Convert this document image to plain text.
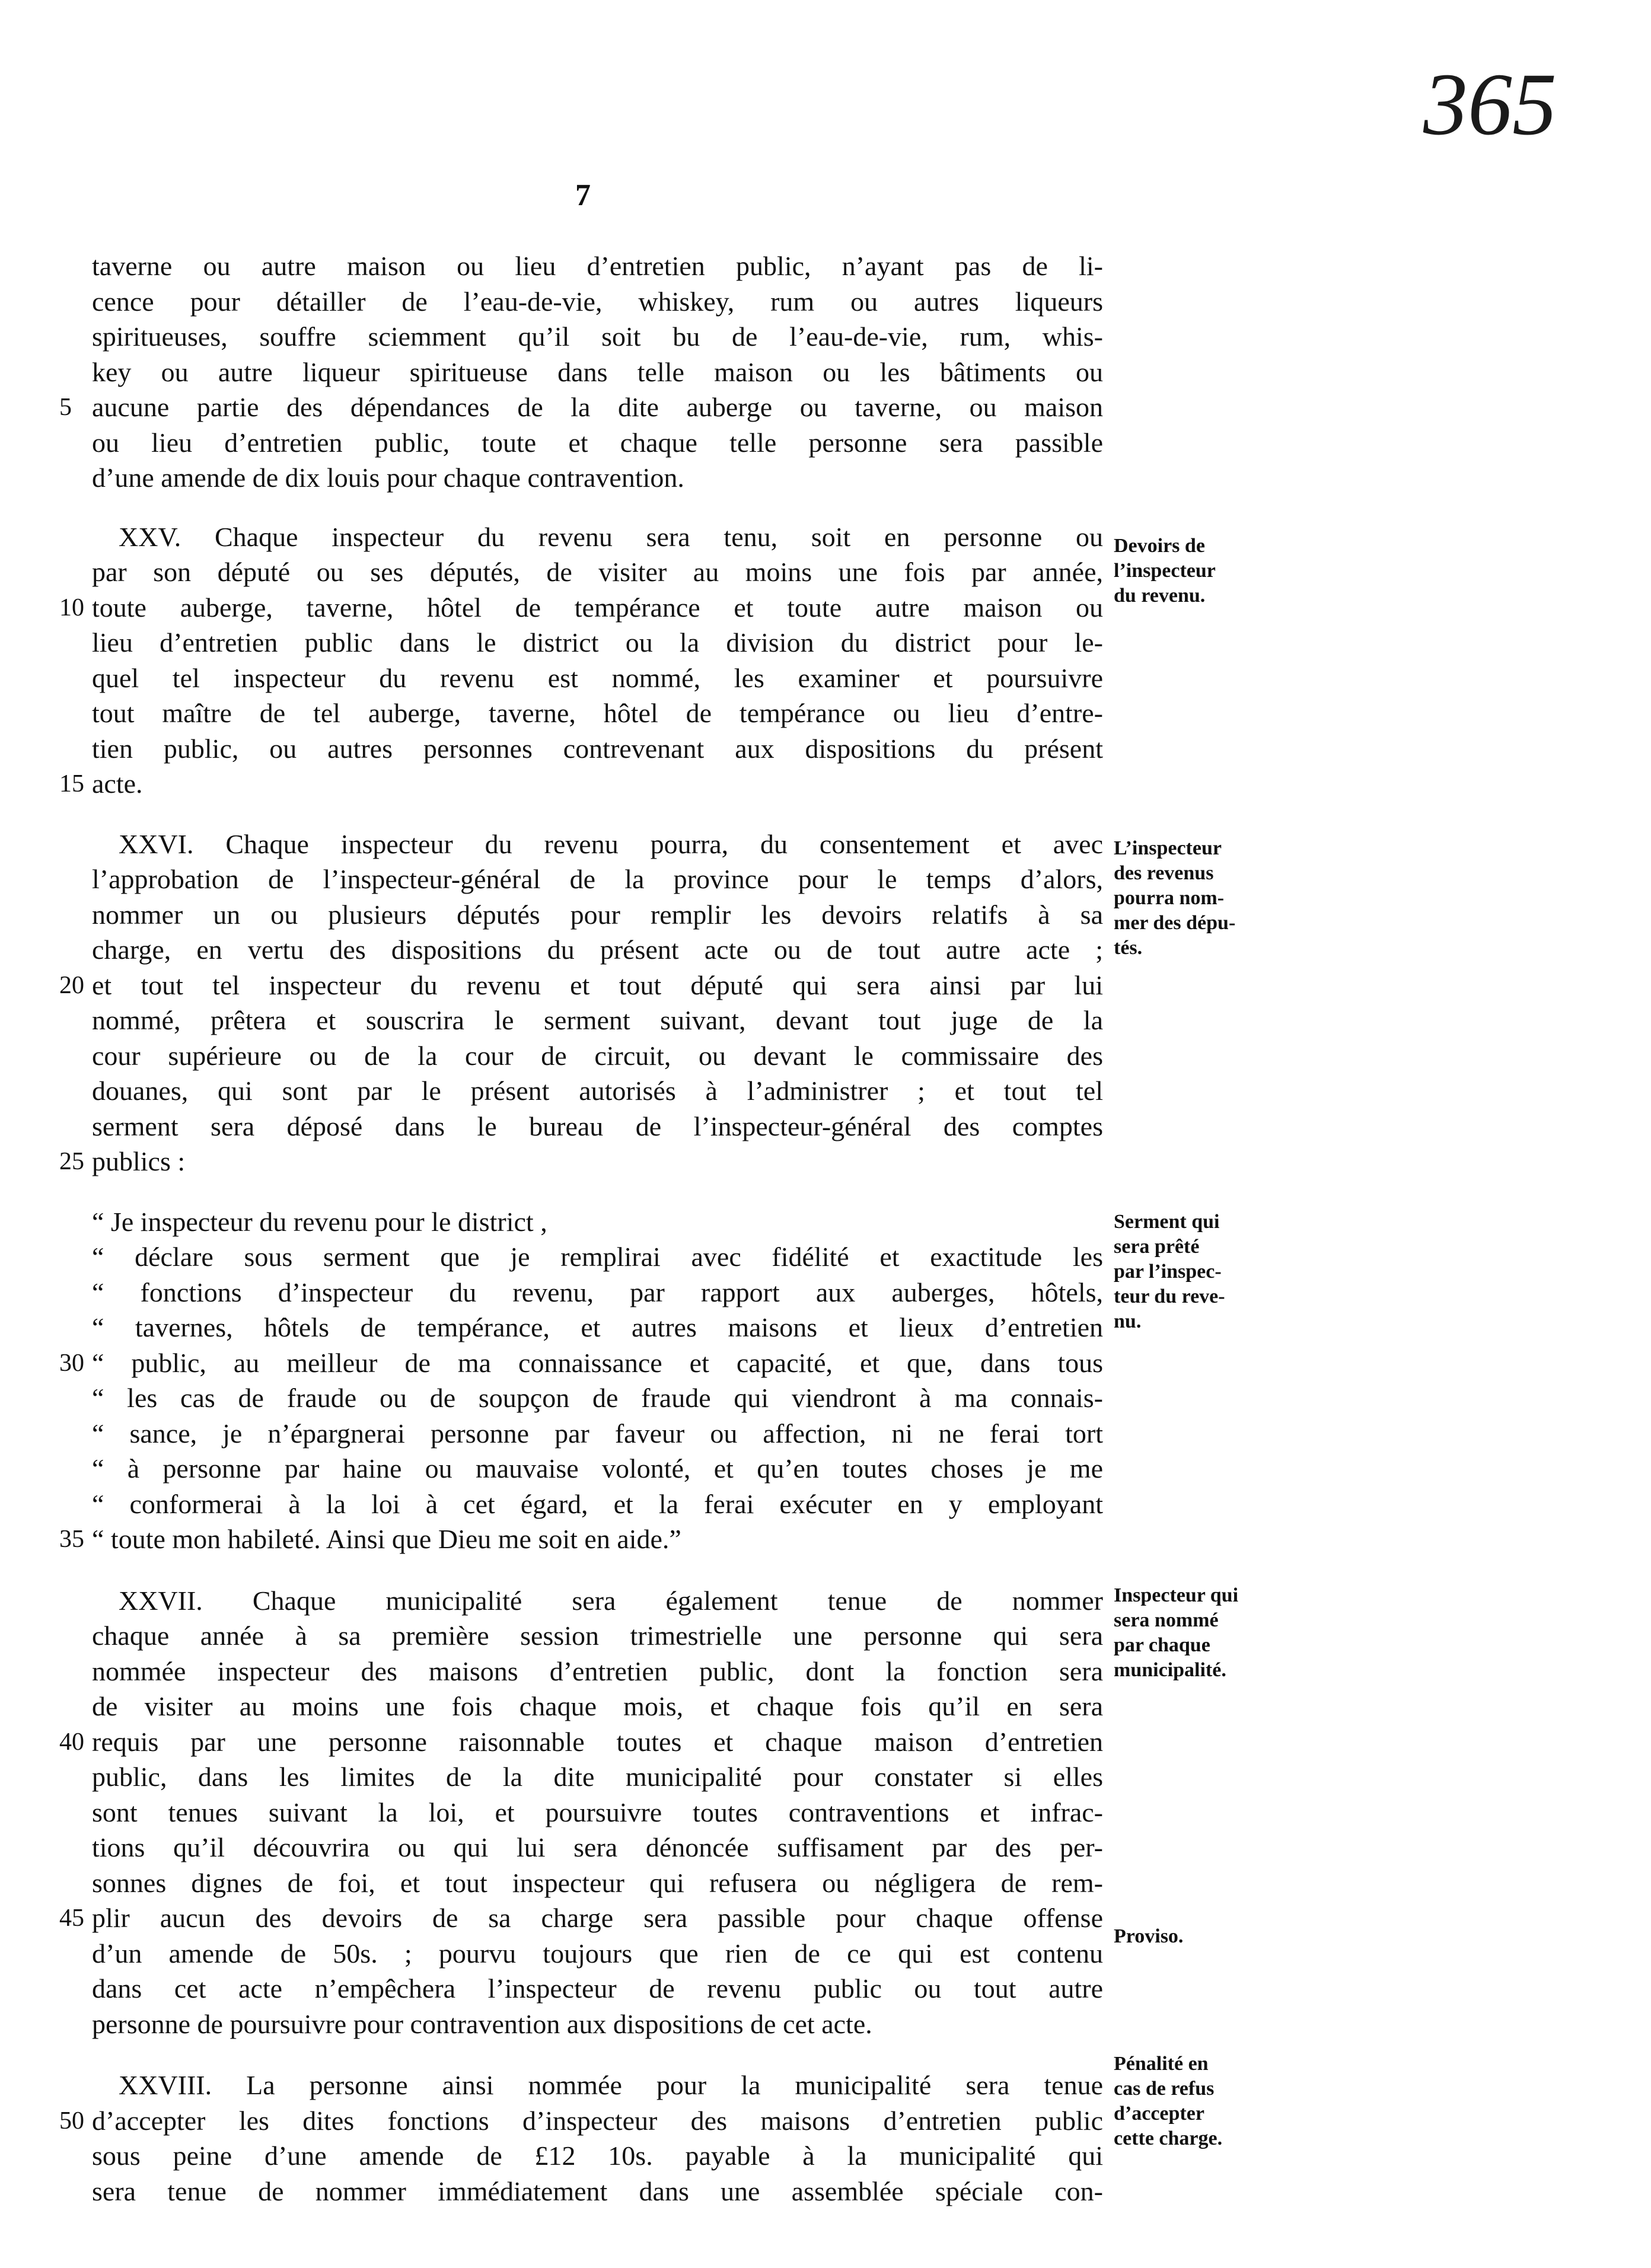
365
7
taverne ou autre maison ou lieu d’entretien public, n’ayant pas de li-
cence pour détailler de l’eau-de-vie, whiskey, rum ou autres liqueurs
spiritueuses, souffre sciemment qu’il soit bu de l’eau-de-vie, rum, whis-
key ou autre liqueur spiritueuse dans telle maison ou les bâtiments ou
aucune partie des dépendances de la dite auberge ou taverne, ou maison
5
ou lieu d’entretien public, toute et chaque telle personne sera passible
d’une amende de dix louis pour chaque contravention.
XXV. Chaque inspecteur du revenu sera tenu, soit en personne ou
par son député ou ses députés, de visiter au moins une fois par année,
toute auberge, taverne, hôtel de tempérance et toute autre maison ou
10
lieu d’entretien public dans le district ou la division du district pour le-
quel tel inspecteur du revenu est nommé, les examiner et poursuivre
tout maître de tel auberge, taverne, hôtel de tempérance ou lieu d’entre-
tien public, ou autres personnes contrevenant aux dispositions du présent
acte.
15
XXVI. Chaque inspecteur du revenu pourra, du consentement et avec
l’approbation de l’inspecteur-général de la province pour le temps d’alors,
nommer un ou plusieurs députés pour remplir les devoirs relatifs à sa
charge, en vertu des dispositions du présent acte ou de tout autre acte ;
et tout tel inspecteur du revenu et tout député qui sera ainsi par lui
20
nommé, prêtera et souscrira le serment suivant, devant tout juge de la
cour supérieure ou de la cour de circuit, ou devant le commissaire des
douanes, qui sont par le présent autorisés à l’administrer ; et tout tel
serment sera déposé dans le bureau de l’inspecteur-général des comptes
publics :
25
“ Je inspecteur du revenu pour le district ,
“ déclare sous serment que je remplirai avec fidélité et exactitude les
“ fonctions d’inspecteur du revenu, par rapport aux auberges, hôtels,
“ tavernes, hôtels de tempérance, et autres maisons et lieux d’entretien
“ public, au meilleur de ma connaissance et capacité, et que, dans tous
30
“ les cas de fraude ou de soupçon de fraude qui viendront à ma connais-
“ sance, je n’épargnerai personne par faveur ou affection, ni ne ferai tort
“ à personne par haine ou mauvaise volonté, et qu’en toutes choses je me
“ conformerai à la loi à cet égard, et la ferai exécuter en y employant
“ toute mon habileté. Ainsi que Dieu me soit en aide.”
35
XXVII. Chaque municipalité sera également tenue de nommer
chaque année à sa première session trimestrielle une personne qui sera
nommée inspecteur des maisons d’entretien public, dont la fonction sera
de visiter au moins une fois chaque mois, et chaque fois qu’il en sera
requis par une personne raisonnable toutes et chaque maison d’entretien
40
public, dans les limites de la dite municipalité pour constater si elles
sont tenues suivant la loi, et poursuivre toutes contraventions et infrac-
tions qu’il découvrira ou qui lui sera dénoncée suffisament par des per-
sonnes dignes de foi, et tout inspecteur qui refusera ou négligera de rem-
plir aucun des devoirs de sa charge sera passible pour chaque offense
45
d’un amende de 50s. ; pourvu toujours que rien de ce qui est contenu
dans cet acte n’empêchera l’inspecteur de revenu public ou tout autre
personne de poursuivre pour contravention aux dispositions de cet acte.
XXVIII. La personne ainsi nommée pour la municipalité sera tenue
d’accepter les dites fonctions d’inspecteur des maisons d’entretien public
50
sous peine d’une amende de £12 10s. payable à la municipalité qui
sera tenue de nommer immédiatement dans une assemblée spéciale con-
Devoirs de
l’inspecteur
du revenu.
L’inspecteur
des revenus
pourra nom-
mer des dépu-
tés.
Serment qui
sera prêté
par l’inspec-
teur du reve-
nu.
Inspecteur qui
sera nommé
par chaque
municipalité.
Proviso.
Pénalité en
cas de refus
d’accepter
cette charge.
